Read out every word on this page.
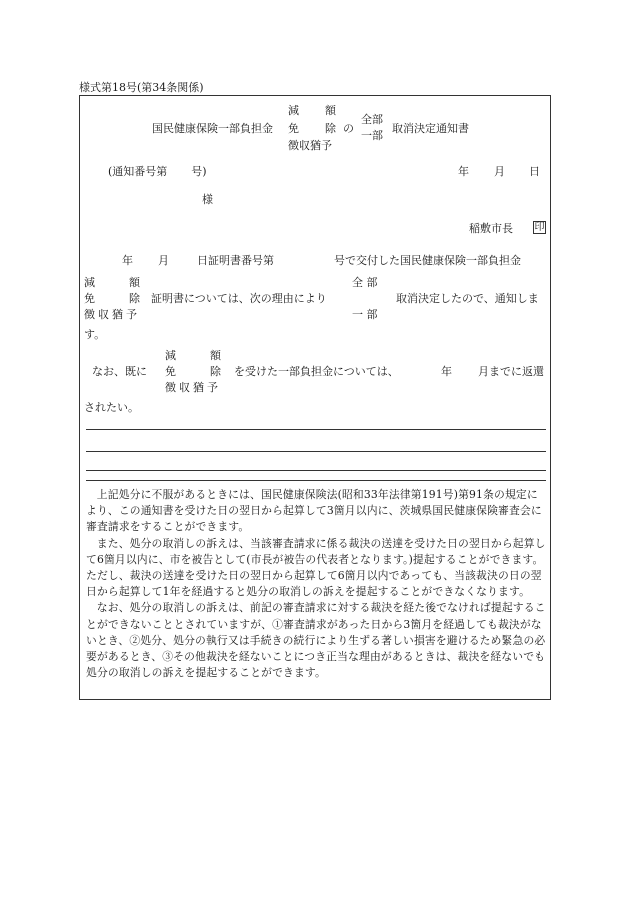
様式第18号(第34条関係)
国民健康保険一部負担金
減 額
免 除 の
徴収猶予
全部
一部
取消決定通知書
(通知番号第 号)	年 月 日
様
稲敷市長 印
年 月	日証明書番号第	号で交付した国民健康保険一部負担金
減	額
免	除
徴収猶予
証明書については、次の理由により
全 部
一 部
取消決定したので、通知しま
す。
減	額
免	除
徴収猶予
なお、既に	を受けた一部負担金については、	年 月までに返還
されたい。

上記処分に不服があるときには、国民健康保険法(昭和33年法律第191号)第91条の規定により、この通知書を受けた日の翌日から起算して3箇月以内に、茨城県国民健康保険審査会に審査請求をすることができます。

また、処分の取消しの訴えは、当該審査請求に係る裁決の送達を受けた日の翌日から起算して6箇月以内に、市を被告として(市長が被告の代表者となります。)提起することができます。ただし、裁決の送達を受けた日の翌日から起算して6箇月以内であっても、当該裁決の日の翌日から起算して1年を経過すると処分の取消しの訴えを提起することができなくなります。

なお、処分の取消しの訴えは、前記の審査請求に対する裁決を経た後でなければ提起することができないこととされていますが、①審査請求があった日から3箇月を経過しても裁決がないとき、②処分、処分の執行又は手続きの続行により生ずる著しい損害を避けるため緊急の必要があるとき、③その他裁決を経ないことにつき正当な理由があるときは、裁決を経ないでも処分の取消しの訴えを提起することができます。
